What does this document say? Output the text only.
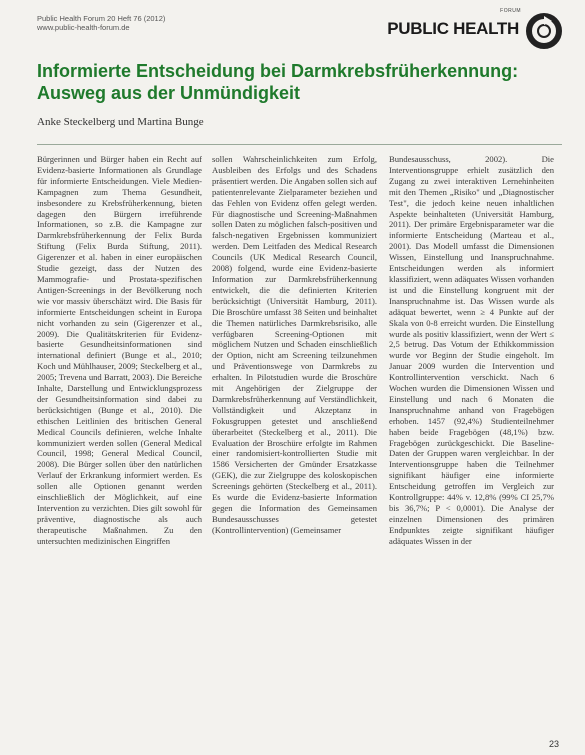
Public Health Forum 20 Heft 76 (2012)
www.public-health-forum.de
FORUM
PUBLIC HEALTH
Informierte Entscheidung bei Darmkrebsfrüherkennung:
Ausweg aus der Unmündigkeit
Anke Steckelberg und Martina Bunge

Bürgerinnen und Bürger haben ein Recht auf Evidenz-basierte Informationen als Grundlage für informierte Entscheidungen. Viele Medien-Kampagnen zum Thema Gesundheit, insbesondere zu Krebsfrüherkennung, bieten dagegen den Bürgern irreführende Informationen, so z.B. die Kampagne zur Darmkrebsfrüherkennung der Felix Burda Stiftung (Felix Burda Stiftung, 2011). Gigerenzer et al. haben in einer europäischen Studie gezeigt, dass der Nutzen des Mammografie- und Prostata-spezifischen Antigen-Screenings in der Bevölkerung noch wie vor massiv überschätzt wird. Die Basis für informierte Entscheidungen scheint in Europa nicht vorhanden zu sein (Gigerenzer et al., 2009). Die Qualitätskriterien für Evidenz-basierte Gesundheitsinformationen sind international definiert (Bunge et al., 2010; Koch und Mühlhauser, 2009; Steckelberg et al., 2005; Trevena und Barratt, 2003). Die Bereiche Inhalte, Darstellung und Entwicklungsprozess der Gesundheitsinformation sind dabei zu berücksichtigen (Bunge et al., 2010). Die ethischen Leitlinien des britischen General Medical Councils definieren, welche Inhalte kommuniziert werden sollen (General Medical Council, 1998; General Medical Council, 2008). Die Bürger sollen über den natürlichen Verlauf der Erkrankung informiert werden. Es sollen alle Optionen genannt werden einschließlich der Möglichkeit, auf eine Intervention zu verzichten. Dies gilt sowohl für präventive, diagnostische als auch therapeutische Maßnahmen. Zu den untersuchten medizinischen Eingriffen

sollen Wahrscheinlichkeiten zum Erfolg, Ausbleiben des Erfolgs und des Schadens präsentiert werden. Die Angaben sollen sich auf patientenrelevante Zielparameter beziehen und das Fehlen von Evidenz offen gelegt werden. Für diagnostische und Screening-Maßnahmen sollen Daten zu möglichen falsch-positiven und falsch-negativen Ergebnissen kommuniziert werden. Dem Leitfaden des Medical Research Councils (UK Medical Research Council, 2008) folgend, wurde eine Evidenz-basierte Information zur Darmkrebsfrüherkennung entwickelt, die die definierten Kriterien berücksichtigt (Universität Hamburg, 2011). Die Broschüre umfasst 38 Seiten und beinhaltet die Themen natürliches Darmkrebsrisiko, alle verfügbaren Screening-Optionen mit möglichem Nutzen und Schaden einschließlich der Option, nicht am Screening teilzunehmen und Präventionswege von Darmkrebs zu erhalten. In Pilotstudien wurde die Broschüre mit Angehörigen der Zielgruppe der Darmkrebsfrüherkennung auf Verständlichkeit, Vollständigkeit und Akzeptanz in Fokusgruppen getestet und anschließend überarbeitet (Steckelberg et al., 2011). Die Evaluation der Broschüre erfolgte im Rahmen einer randomisiert-kontrollierten Studie mit 1586 Versicherten der Gmünder Ersatzkasse (GEK), die zur Zielgruppe des koloskopischen Screenings gehörten (Steckelberg et al., 2011). Es wurde die Evidenz-basierte Information gegen die Information des Gemeinsamen Bundesausschusses getestet (Kontrollintervention) (Gemeinsamer

Bundesausschuss, 2002). Die Interventionsgruppe erhielt zusätzlich den Zugang zu zwei interaktiven Lernehinheiten mit den Themen „Risiko" und „Diagnostischer Test", die jedoch keine neuen inhaltlichen Aspekte beinhalteten (Universität Hamburg, 2011). Der primäre Ergebnisparameter war die informierte Entscheidung (Marteau et al., 2001). Das Modell umfasst die Dimensionen Wissen, Einstellung und Inanspruchnahme. Entscheidungen werden als informiert klassifiziert, wenn adäquates Wissen vorhanden ist und die Einstellung kongruent mit der Inanspruchnahme ist. Das Wissen wurde als adäquat bewertet, wenn ≥ 4 Punkte auf der Skala von 0-8 erreicht wurden. Die Einstellung wurde als positiv klassifiziert, wenn der Wert ≤ 2,5 betrug. Das Votum der Ethikkommission wurde vor Beginn der Studie eingeholt. Im Januar 2009 wurden die Intervention und Kontrollintervention verschickt. Nach 6 Wochen wurden die Dimensionen Wissen und Einstellung und nach 6 Monaten die Inanspruchnahme anhand von Fragebögen erhoben. 1457 (92,4%) Studienteilnehmer haben beide Fragebögen (48,1%) bzw. Fragebögen zurückgeschickt. Die Baseline-Daten der Gruppen waren vergleichbar. In der Interventionsgruppe haben die Teilnehmer signifikant häufiger eine informierte Entscheidung getroffen im Vergleich zur Kontrollgruppe: 44% v. 12,8% (99% CI 25,7% bis 36,7%; P < 0,0001). Die Analyse der einzelnen Dimensionen des primären Endpunktes zeigte signifikant häufiger adäquates Wissen in der

23
